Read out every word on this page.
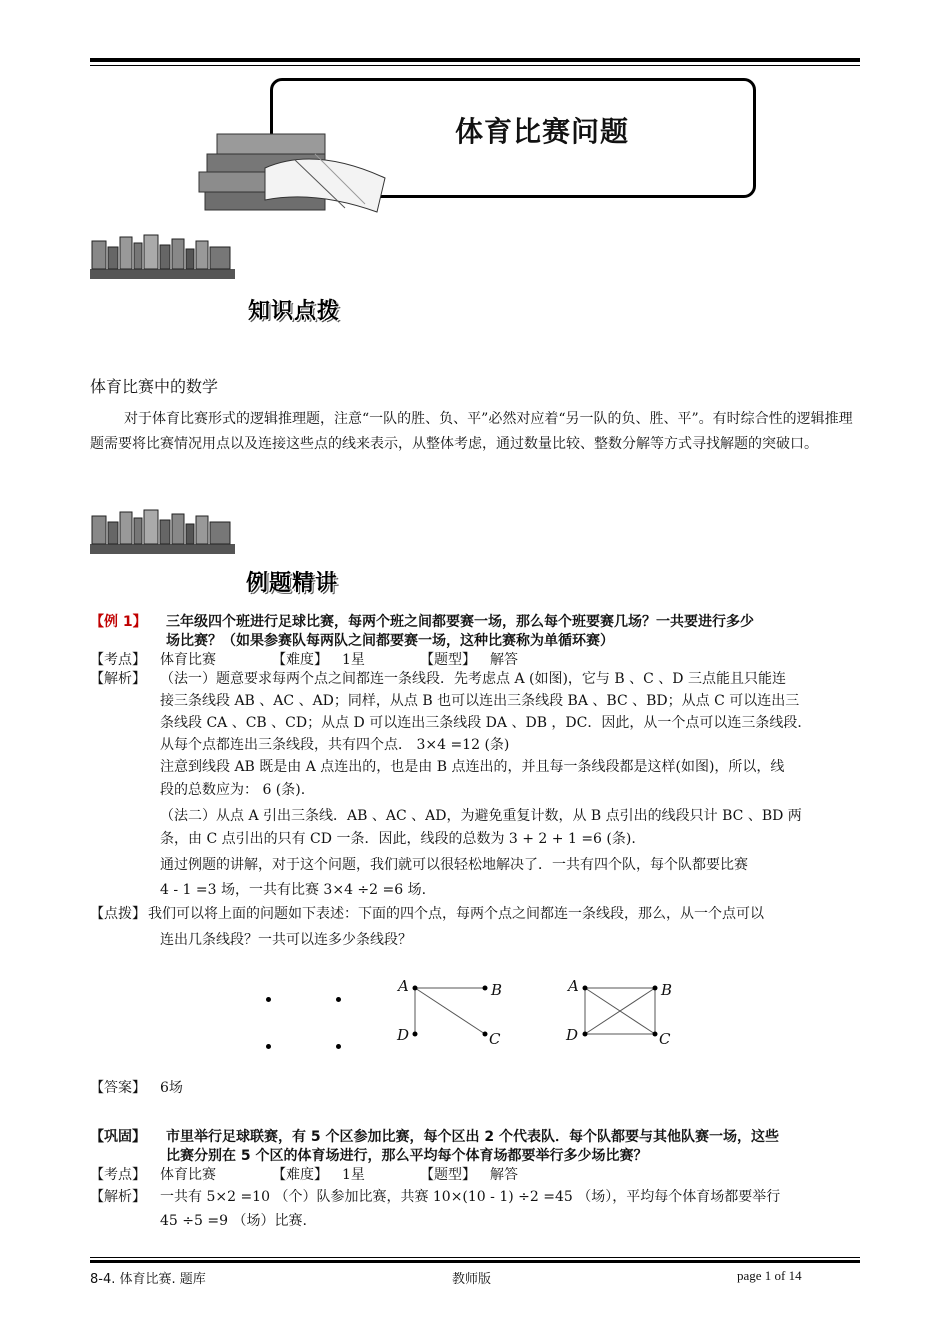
体育比赛问题
知识点拨
体育比赛中的数学
对于体育比赛形式的逻辑推理题，注意“一队的胜、负、平”必然对应着“另一队的负、胜、平”。有时综合性的逻辑推理题需要将比赛情况用点以及连接这些点的线来表示，从整体考虑，通过数量比较、整数分解等方式寻找解题的突破口。
例题精讲
【例 1】 三年级四个班进行足球比赛，每两个班之间都要赛一场，那么每个班要赛几场？一共要进行多少
场比赛？（如果参赛队每两队之间都要赛一场，这种比赛称为单循环赛）
【考点】 体育比赛	【难度】 1星	【题型】 解答
【解析】 （法一）题意要求每两个点之间都连一条线段．先考虑点 A (如图)，它与 B 、C 、D 三点能且只能连
接三条线段 AB 、AC 、AD；同样，从点 B 也可以连出三条线段 BA 、BC 、BD；从点 C 可以连出三
条线段 CA 、CB 、CD；从点 D 可以连出三条线段 DA 、DB ，DC．因此，从一个点可以连三条线段．
从每个点都连出三条线段，共有四个点． 3×4 =12 (条)
注意到线段 AB 既是由 A 点连出的，也是由 B 点连出的，并且每一条线段都是这样(如图)，所以，线
段的总数应为： 6 (条).
（法二）从点 A 引出三条线．AB 、AC 、AD，为避免重复计数，从 B 点引出的线段只计 BC 、BD 两
条，由 C 点引出的只有 CD 一条．因此，线段的总数为 3 + 2 + 1 =6 (条).
通过例题的讲解，对于这个问题，我们就可以很轻松地解决了．一共有四个队，每个队都要比赛
4 - 1 =3 场，一共有比赛 3×4 ÷2 =6 场.
【点拨】 我们可以将上面的问题如下表述：下面的四个点，每两个点之间都连一条线段，那么，从一个点可以
连出几条线段？一共可以连多少条线段？
A	B
C
D
A	B
C
D
【答案】 6场
【巩固】 市里举行足球联赛，有 5 个区参加比赛，每个区出 2 个代表队．每个队都要与其他队赛一场，这些
比赛分别在 5 个区的体育场进行，那么平均每个体育场都要举行多少场比赛？
【考点】 体育比赛	【难度】 1星	【题型】 解答
【解析】 一共有 5×2 =10 （个）队参加比赛，共赛 10×(10 - 1) ÷2 =45 （场），平均每个体育场都要举行
45 ÷5 =9 （场）比赛.
8-4. 体育比赛. 题库	教师版	page 1 of 14
